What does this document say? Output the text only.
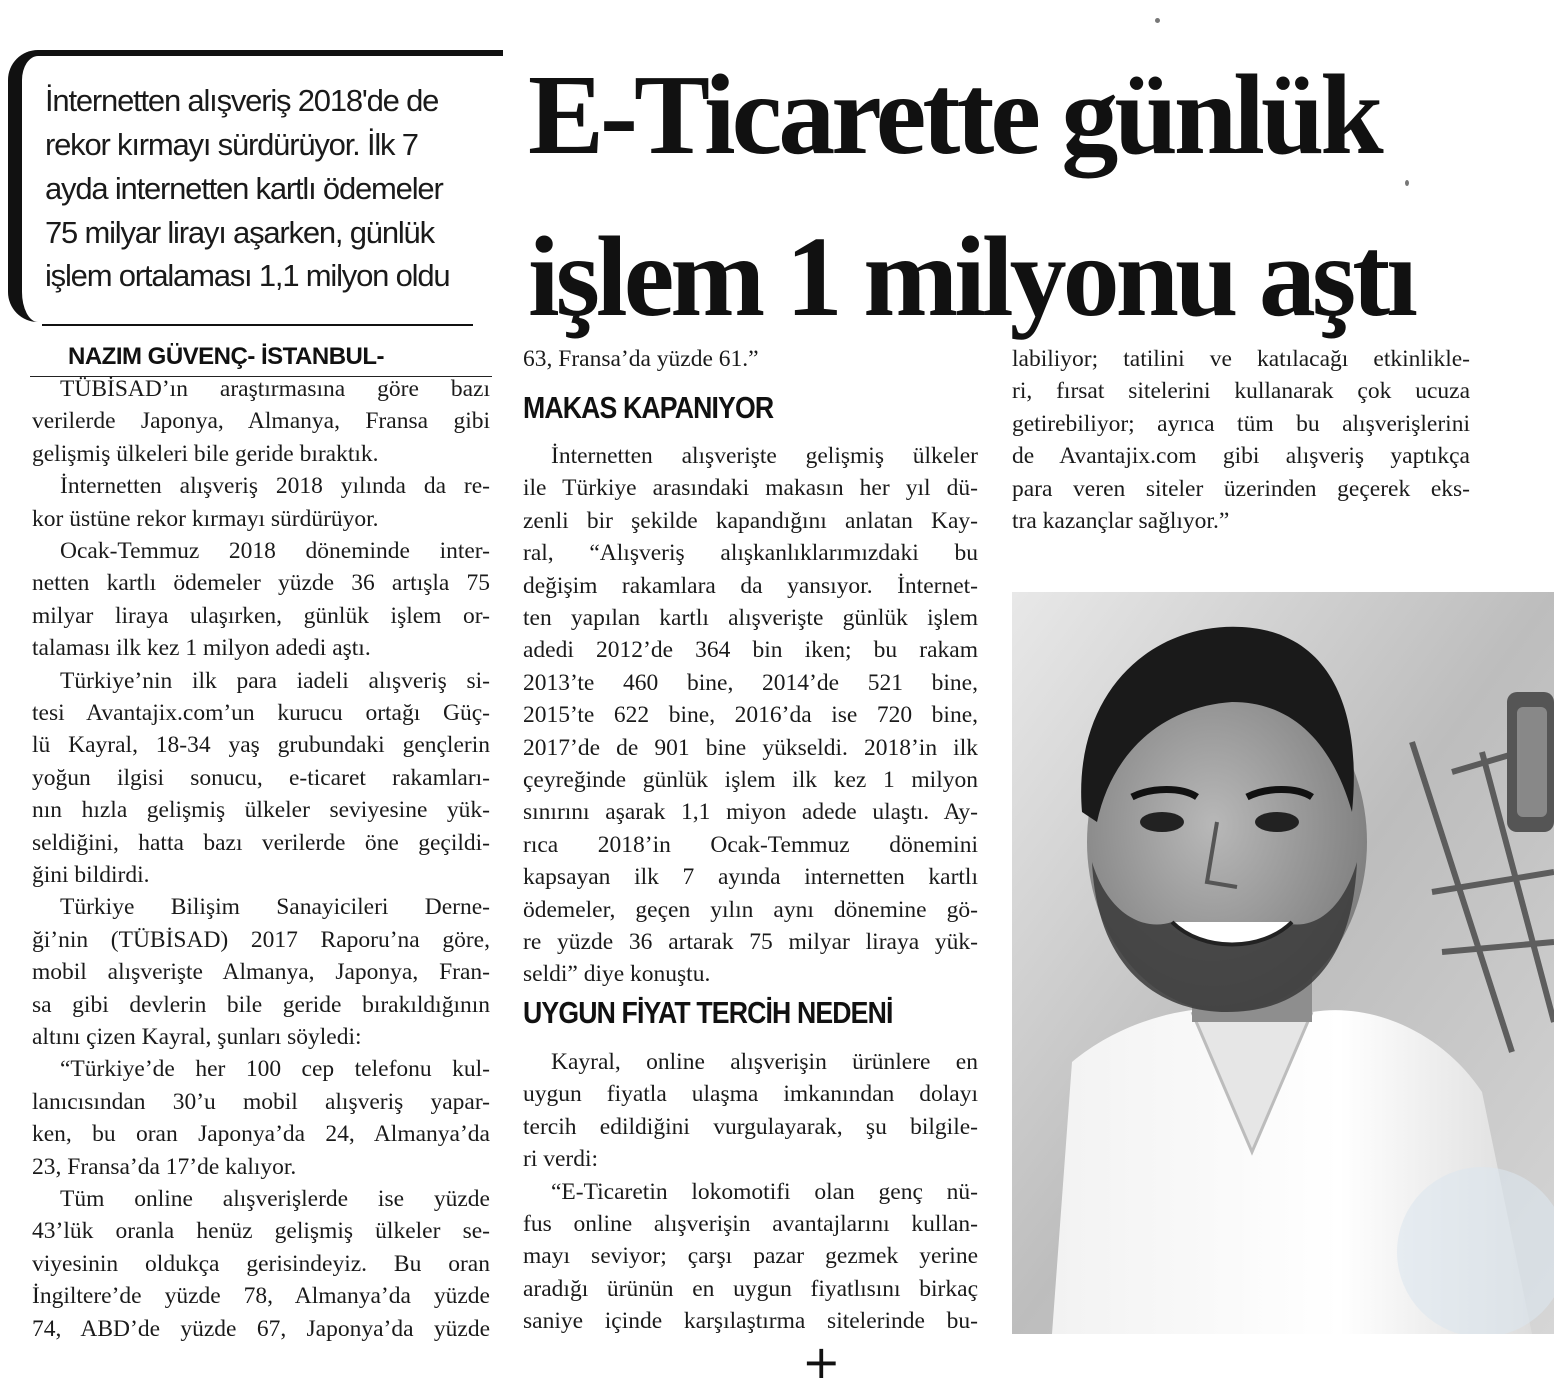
İnternetten alışveriş 2018'de de
rekor kırmayı sürdürüyor. İlk 7
ayda internetten kartlı ödemeler
75 milyar lirayı aşarken, günlük
işlem ortalaması 1,1 milyon oldu
E-Ticarette günlük
işlem 1 milyonu aştı
NAZIM GÜVENÇ- İSTANBUL-
TÜBİSAD’ın araştırmasına göre bazı
verilerde Japonya, Almanya, Fransa gibi
gelişmiş ülkeleri bile geride bıraktık.
İnternetten alışveriş 2018 yılında da re-
kor üstüne rekor kırmayı sürdürüyor.
Ocak-Temmuz 2018 döneminde inter-
netten kartlı ödemeler yüzde 36 artışla 75
milyar liraya ulaşırken, günlük işlem or-
talaması ilk kez 1 milyon adedi aştı.
Türkiye’nin ilk para iadeli alışveriş si-
tesi Avantajix.com’un kurucu ortağı Güç-
lü Kayral, 18-34 yaş grubundaki gençlerin
yoğun ilgisi sonucu, e-ticaret rakamları-
nın hızla gelişmiş ülkeler seviyesine yük-
seldiğini, hatta bazı verilerde öne geçildi-
ğini bildirdi.
Türkiye Bilişim Sanayicileri Derne-
ği’nin (TÜBİSAD) 2017 Raporu’na göre,
mobil alışverişte Almanya, Japonya, Fran-
sa gibi devlerin bile geride bırakıldığının
altını çizen Kayral, şunları söyledi:
“Türkiye’de her 100 cep telefonu kul-
lanıcısından 30’u mobil alışveriş yapar-
ken, bu oran Japonya’da 24, Almanya’da
23, Fransa’da 17’de kalıyor.
Tüm online alışverişlerde ise yüzde
43’lük oranla henüz gelişmiş ülkeler se-
viyesinin oldukça gerisindeyiz. Bu oran
İngiltere’de yüzde 78, Almanya’da yüzde
74, ABD’de yüzde 67, Japonya’da yüzde
63, Fransa’da yüzde 61.”
MAKAS KAPANIYOR
İnternetten alışverişte gelişmiş ülkeler
ile Türkiye arasındaki makasın her yıl dü-
zenli bir şekilde kapandığını anlatan Kay-
ral, “Alışveriş alışkanlıklarımızdaki bu
değişim rakamlara da yansıyor. İnternet-
ten yapılan kartlı alışverişte günlük işlem
adedi 2012’de 364 bin iken; bu rakam
2013’te 460 bine, 2014’de 521 bine,
2015’te 622 bine, 2016’da ise 720 bine,
2017’de de 901 bine yükseldi. 2018’in ilk
çeyreğinde günlük işlem ilk kez 1 milyon
sınırını aşarak 1,1 miyon adede ulaştı. Ay-
rıca 2018’in Ocak-Temmuz dönemini
kapsayan ilk 7 ayında internetten kartlı
ödemeler, geçen yılın aynı dönemine gö-
re yüzde 36 artarak 75 milyar liraya yük-
seldi” diye konuştu.
UYGUN FİYAT TERCİH NEDENİ
Kayral, online alışverişin ürünlere en
uygun fiyatla ulaşma imkanından dolayı
tercih edildiğini vurgulayarak, şu bilgile-
ri verdi:
“E-Ticaretin lokomotifi olan genç nü-
fus online alışverişin avantajlarını kullan-
mayı seviyor; çarşı pazar gezmek yerine
aradığı ürünün en uygun fiyatlısını birkaç
saniye içinde karşılaştırma sitelerinde bu-
labiliyor; tatilini ve katılacağı etkinlikle-
ri, fırsat sitelerini kullanarak çok ucuza
getirebiliyor; ayrıca tüm bu alışverişlerini
de Avantajix.com gibi alışveriş yaptıkça
para veren siteler üzerinden geçerek eks-
tra kazançlar sağlıyor.”
+
